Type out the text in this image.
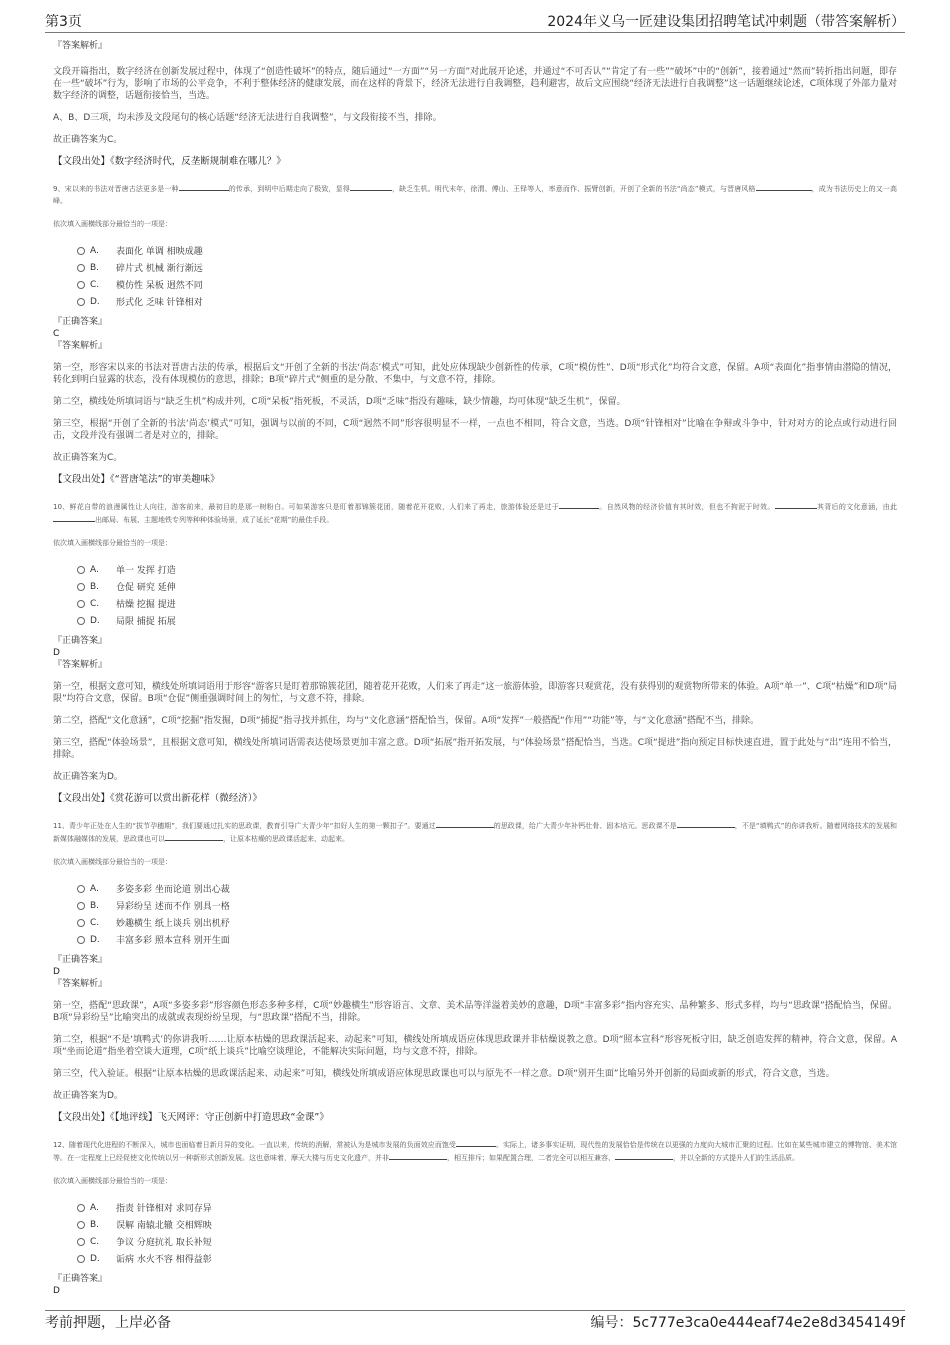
第3页	2024年义乌一匠建设集团招聘笔试冲刺题（带答案解析）

『答案解析』

文段开篇指出，数字经济在创新发展过程中，体现了“创造性破坏”的特点，随后通过“一方面”“另一方面”对此展开论述，并通过“不可否认”“肯定了有一些”“破坏”中的“创新”，接着通过“然而”转折指出问题，即存在一些“破坏”行为，影响了市场的公平竞争，不利于整体经济的健康发展，而在这样的背景下，经济无法进行自我调整，趋利避害，故后文应围绕“经济无法进行自我调整”这一话题继续论述，C项体现了外部力量对数字经济的调整，话题衔接恰当，当选。

A、B、D三项，均未涉及文段尾句的核心话题“经济无法进行自我调整”，与文段衔接不当，排除。

故正确答案为C。

【文段出处】《数字经济时代，反垄断规制难在哪儿？》

9、宋以来的书法对晋唐古法更多是一种	的传承，到明中后期走向了极致，显得	，缺乏生机。明代末年，徐渭、傅山、王铎等人，率意而作、振臂创新，开创了全新的书法“尚态”模式，与晋唐风格	，成为书法历史上的又一高峰。

依次填入画横线部分最恰当的一项是：

A.	表面化 单调 相映成趣
B.	碎片式 机械 渐行渐远
C.	模仿性 呆板 迥然不同
D.	形式化 乏味 针锋相对

『正确答案』

C

『答案解析』

第一空，形容宋以来的书法对晋唐古法的传承，根据后文“开创了全新的书法‘尚态’模式”可知，此处应体现缺少创新性的传承，C项“模仿性”、D项“形式化”均符合文意，保留。A项“表面化”指事情由潜隐的情况，转化到明白显露的状态，没有体现模仿的意思，排除；B项“碎片式”侧重的是分散、不集中，与文意不符，排除。

第二空，横线处所填词语与“缺乏生机”构成并列，C项“呆板”指死板，不灵活，D项“乏味”指没有趣味，缺少情趣，均可体现“缺乏生机”，保留。

第三空，根据“开创了全新的书法‘尚态’模式”可知，强调与以前的不同，C项“迥然不同”形容很明显不一样，一点也不相同，符合文意，当选。D项“针锋相对”比喻在争辩或斗争中，针对对方的论点或行动进行回击，文段并没有强调二者是对立的，排除。

故正确答案为C。

【文段出处】《“晋唐笔法”的审美趣味》

10、鲜花自带的浪漫属性让人向往，游客前来，最初目的是那一树粉白。可如果游客只是盯着那锦簇花团，随着花开花败，人们来了再走，旅游体验还是过于	。自然风物的经济价值有其时效，但也不拘泥于时效。	其背后的文化意涵，由此出邮局、布展、主题地铁专列等种种体验场景，成了延长“花期”的最佳手段。

依次填入画横线部分最恰当的一项是：

A.	单一 发挥 打造
B.	仓促 研究 延伸
C.	枯燥 挖掘 提进
D.	局限 捕捉 拓展

『正确答案』

D

『答案解析』

第一空，根据文意可知，横线处所填词语用于形容“游客只是盯着那锦簇花团，随着花开花败，人们来了再走”这一旅游体验，即游客只观赏花，没有获得别的观赏物所带来的体验。A项“单一”、C项“枯燥”和D项“局限”均符合文意，保留。B项“仓促”侧重强调时间上的匆忙，与文意不符，排除。

第二空，搭配“文化意涵”，C项“挖掘”指发掘，D项“捕捉”指寻找并抓住，均与“文化意涵”搭配恰当，保留。A项“发挥”一般搭配“作用”“功能”等，与“文化意涵”搭配不当，排除。

第三空，搭配“体验场景”，且根据文意可知，横线处所填词语需表达使场景更加丰富之意。D项“拓展”指开拓发展，与“体验场景”搭配恰当，当选。C项“提进”指向预定目标快速直进，置于此处与“出”连用不恰当，排除。

故正确答案为D。

【文段出处】《赏花游可以赏出新花样（微经济）》

11、青少年正处在人生的“拔节孕穗期”，我们要通过扎实的思政课，教育引导广大青少年“扣好人生的第一颗扣子”。要通过	的思政课，给广大青少年补钙壮骨、固本培元。思政课不是	，不是“填鸭式”的你讲我听。随着网络技术的发展和新媒体融媒体的发展，思政课也可以	，让原本枯燥的思政课活起来、动起来。

依次填入画横线部分最恰当的一项是：

A.	多姿多彩 坐而论道 别出心裁
B.	异彩纷呈 述而不作 别具一格
C.	妙趣横生 纸上谈兵 别出机杼
D.	丰富多彩 照本宣科 别开生面

『正确答案』

D

『答案解析』

第一空，搭配“思政课”，A项“多姿多彩”形容颜色形态多种多样，C项“妙趣横生”形容语言、文章、美术品等洋溢着美妙的意趣，D项“丰富多彩”指内容充实、品种繁多、形式多样，均与“思政课”搭配恰当，保留。B项“异彩纷呈”比喻突出的成就或表现纷纷呈现，与“思政课”搭配不当，排除。

第二空，根据“不是‘填鸭式’的你讲我听……让原本枯燥的思政课活起来、动起来”可知，横线处所填成语应体现思政课并非枯燥说教之意。D项“照本宣科”形容死板守旧，缺乏创造发挥的精神，符合文意，保留。A项“坐而论道”指坐着空谈大道理，C项“纸上谈兵”比喻空谈理论，不能解决实际问题，均与文意不符，排除。

第三空，代入验证。根据“让原本枯燥的思政课活起来、动起来”可知，横线处所填成语应体现思政课也可以与原先不一样之意。D项“别开生面”比喻另外开创新的局面或新的形式，符合文意，当选。

故正确答案为D。

【文段出处】《【地评线】飞天网评：守正创新中打造思政“金课”》

12、随着现代化进程的不断深入，城市也面临着日新月异的变化。一直以来，传统的消解，常被认为是城市发展的负面效应而饱受	。实际上，诸多事实证明，现代性的发展恰恰是传统在以更强的力度向大城市汇聚的过程。比如在某些城市建立的博物馆、美术馆等。在一定程度上已经促使文化传统以另一种新形式创新发展。这也意味着，摩天大楼与历史文化遗产，并非	，相互排斥；如果配置合理，二者完全可以相互兼容、	，并以全新的方式提升人们的生活品质。

依次填入画横线部分最恰当的一项是：

A.	指责 针锋相对 求同存异
B.	误解 南辕北辙 交相辉映
C.	争议 分庭抗礼 取长补短
D.	诟病 水火不容 相得益彰

『正确答案』

D

考前押题，上岸必备	编号：5c777e3ca0e444eaf74e2e8d3454149f
